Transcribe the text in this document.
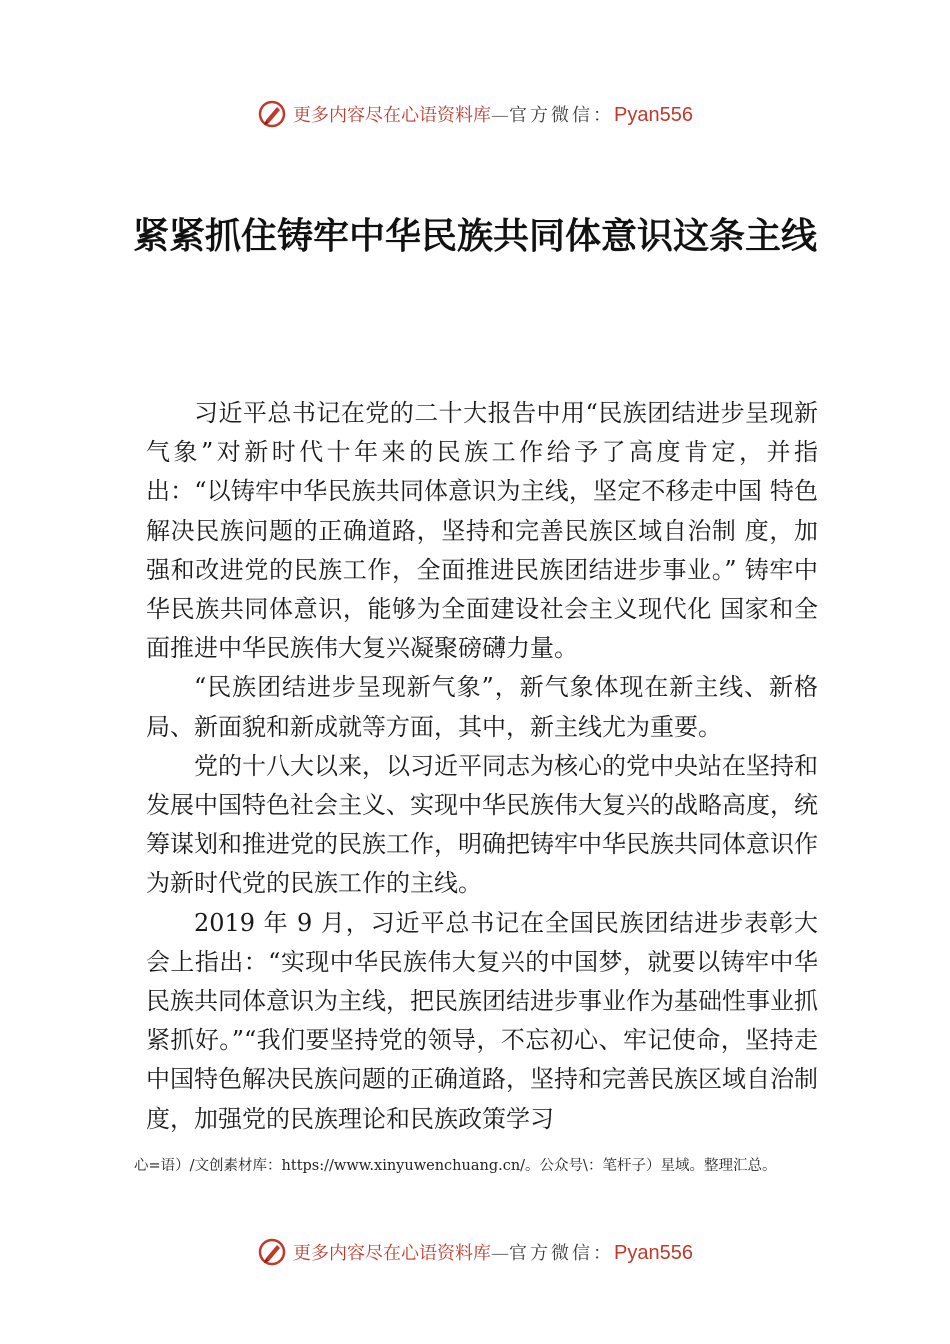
更多内容尽在心语资料库—官方微信：Pyan556
紧紧抓住铸牢中华民族共同体意识这条主线

习近平总书记在党的二十大报告中用“民族团结进步呈现新气象”对新时代十年来的民族工作给予了高度肯定，并指出：“以铸牢中华民族共同体意识为主线，坚定不移走中国 特色解决民族问题的正确道路，坚持和完善民族区域自治制 度，加强和改进党的民族工作，全面推进民族团结进步事业。” 铸牢中华民族共同体意识，能够为全面建设社会主义现代化 国家和全面推进中华民族伟大复兴凝聚磅礴力量。

“民族团结进步呈现新气象”，新气象体现在新主线、新格局、新面貌和新成就等方面，其中，新主线尤为重要。

党的十八大以来，以习近平同志为核心的党中央站在坚持和发展中国特色社会主义、实现中华民族伟大复兴的战略高度，统筹谋划和推进党的民族工作，明确把铸牢中华民族共同体意识作为新时代党的民族工作的主线。

2019 年 9 月，习近平总书记在全国民族团结进步表彰大会上指出：“实现中华民族伟大复兴的中国梦，就要以铸牢中华民族共同体意识为主线，把民族团结进步事业作为基础性事业抓紧抓好。”“我们要坚持党的领导，不忘初心、牢记使命，坚持走中国特色解决民族问题的正确道路，坚持和完善民族区域自治制度，加强党的民族理论和民族政策学习

心=语）/文创素材库：https://www.xinyuwenchuang.cn/。公众号\：笔杆子）星域。整理汇总。

更多内容尽在心语资料库—官方微信：Pyan556
